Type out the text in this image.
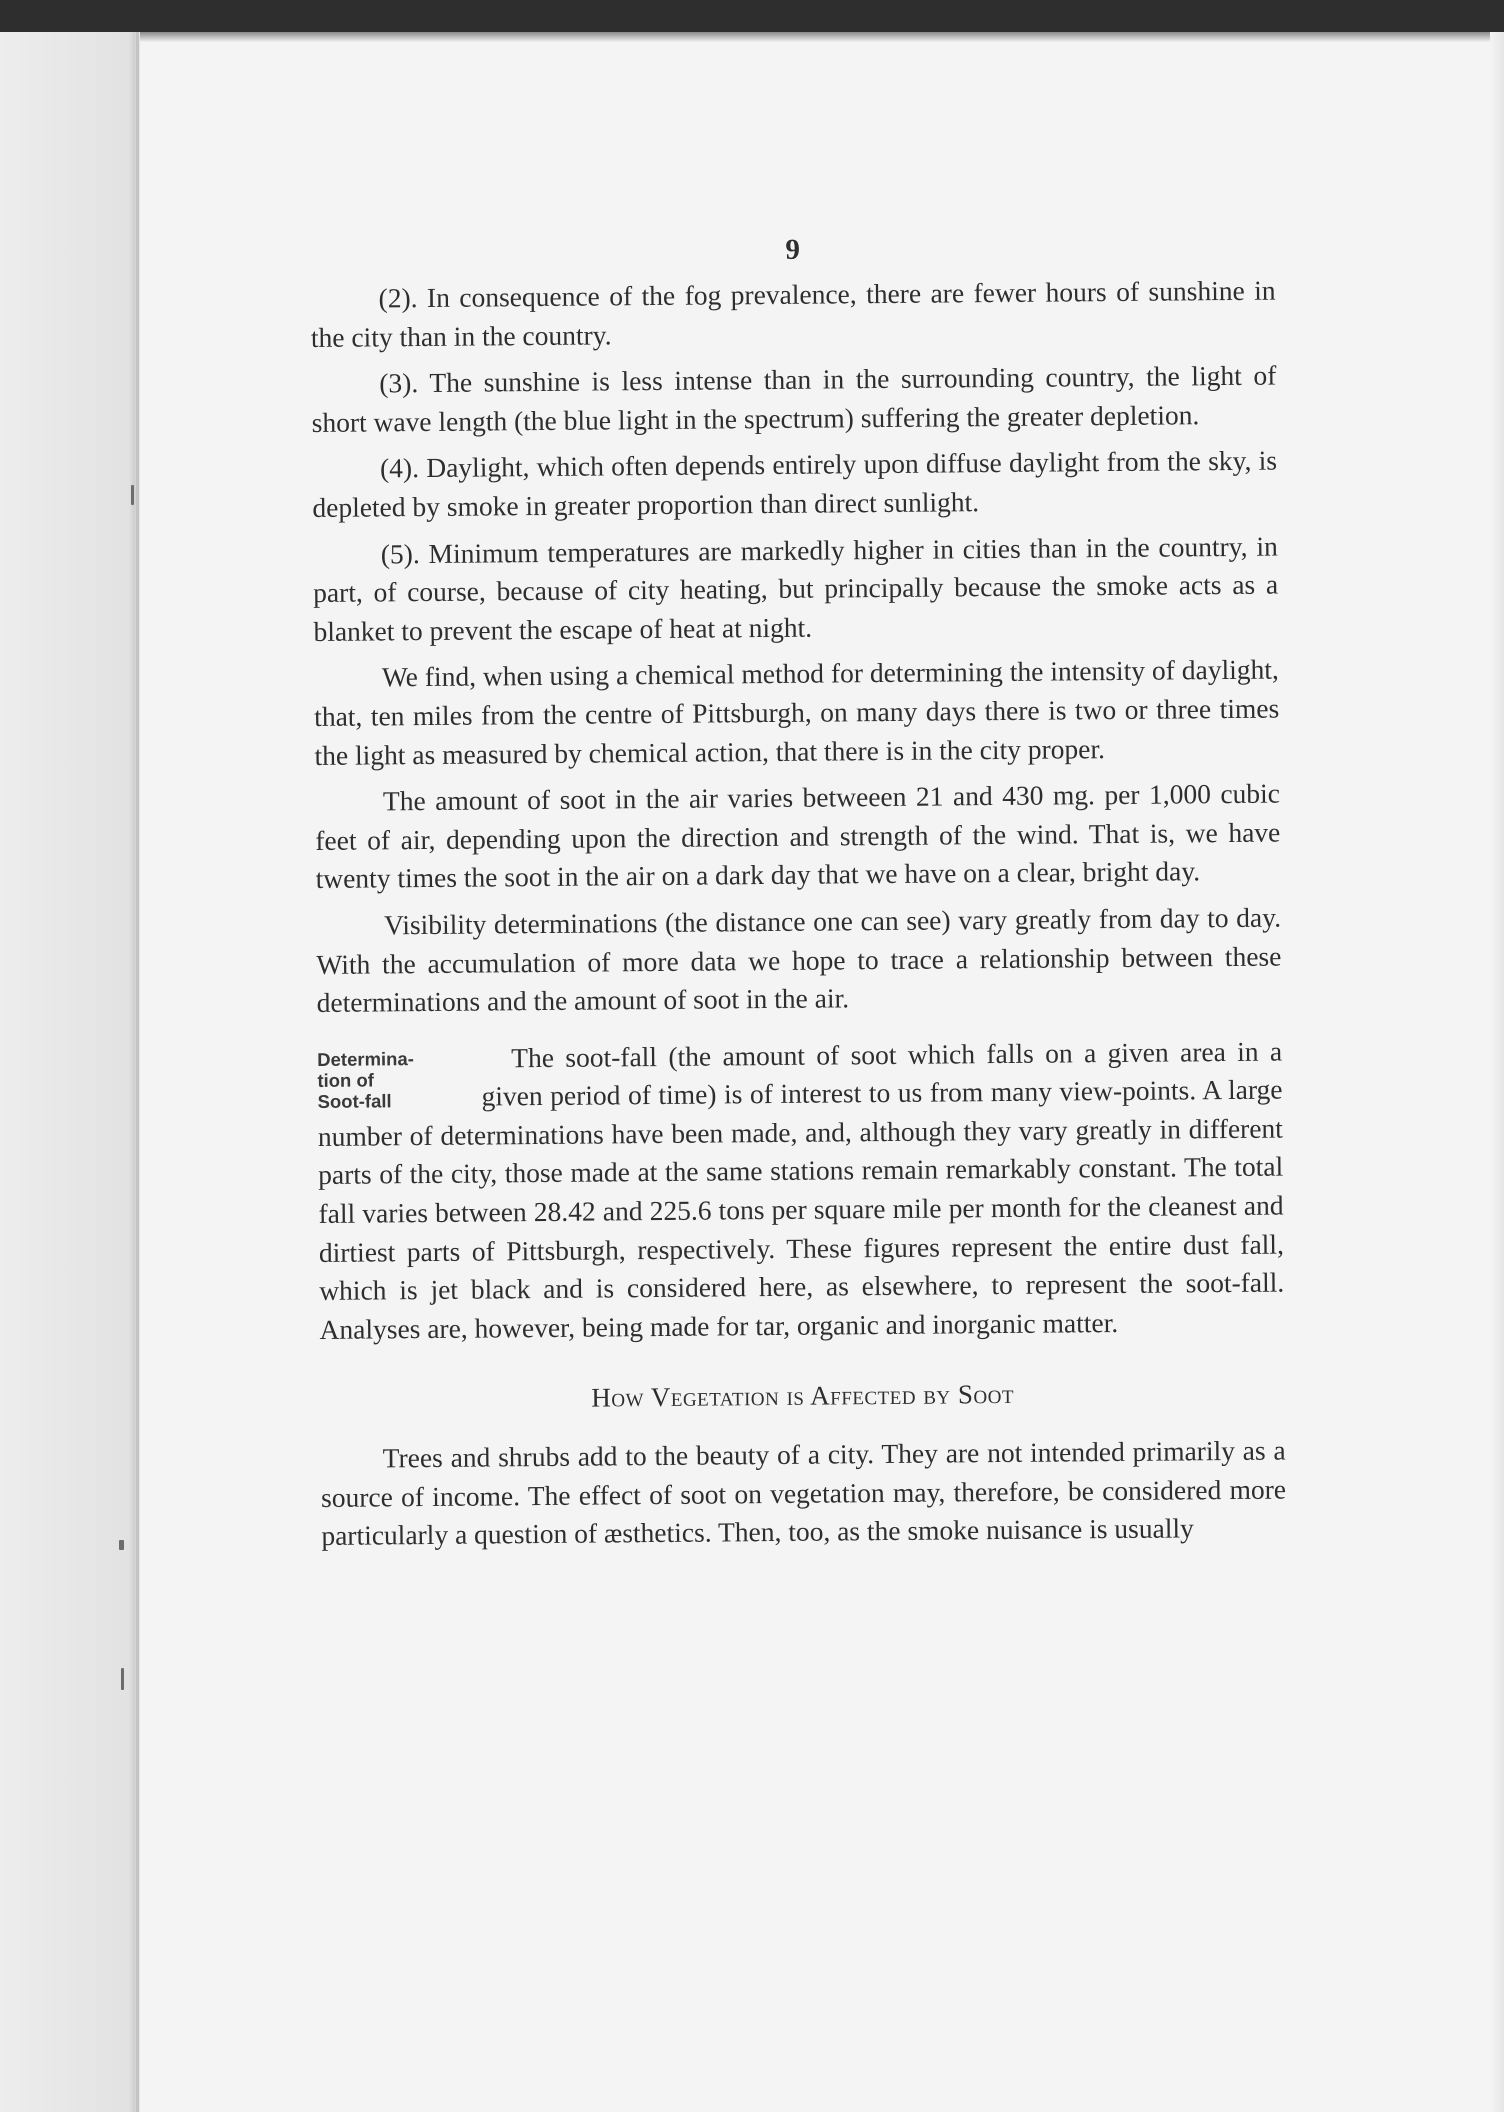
9

(2). In consequence of the fog prevalence, there are fewer hours of sunshine in the city than in the country.

(3). The sunshine is less intense than in the surrounding country, the light of short wave length (the blue light in the spectrum) suffering the greater depletion.

(4). Daylight, which often depends entirely upon diffuse daylight from the sky, is depleted by smoke in greater proportion than direct sunlight.

(5). Minimum temperatures are markedly higher in cities than in the country, in part, of course, because of city heating, but principally because the smoke acts as a blanket to prevent the escape of heat at night.

We find, when using a chemical method for determining the intensity of daylight, that, ten miles from the centre of Pittsburgh, on many days there is two or three times the light as measured by chemical action, that there is in the city proper.

The amount of soot in the air varies betweeen 21 and 430 mg. per 1,000 cubic feet of air, depending upon the direction and strength of the wind. That is, we have twenty times the soot in the air on a dark day that we have on a clear, bright day.

Visibility determinations (the distance one can see) vary greatly from day to day. With the accumulation of more data we hope to trace a relationship between these determinations and the amount of soot in the air.

Determina-
tion of
Soot-fall

The soot-fall (the amount of soot which falls on a given area in a given period of time) is of interest to us from many view-points. A large number of determinations have been made, and, although they vary greatly in different parts of the city, those made at the same stations remain remarkably constant. The total fall varies between 28.42 and 225.6 tons per square mile per month for the cleanest and dirtiest parts of Pittsburgh, respectively. These figures represent the entire dust fall, which is jet black and is considered here, as elsewhere, to represent the soot-fall. Analyses are, however, being made for tar, organic and inorganic matter.

How Vegetation is Affected by Soot

Trees and shrubs add to the beauty of a city. They are not intended primarily as a source of income. The effect of soot on vegetation may, therefore, be considered more particularly a question of æsthetics. Then, too, as the smoke nuisance is usually
